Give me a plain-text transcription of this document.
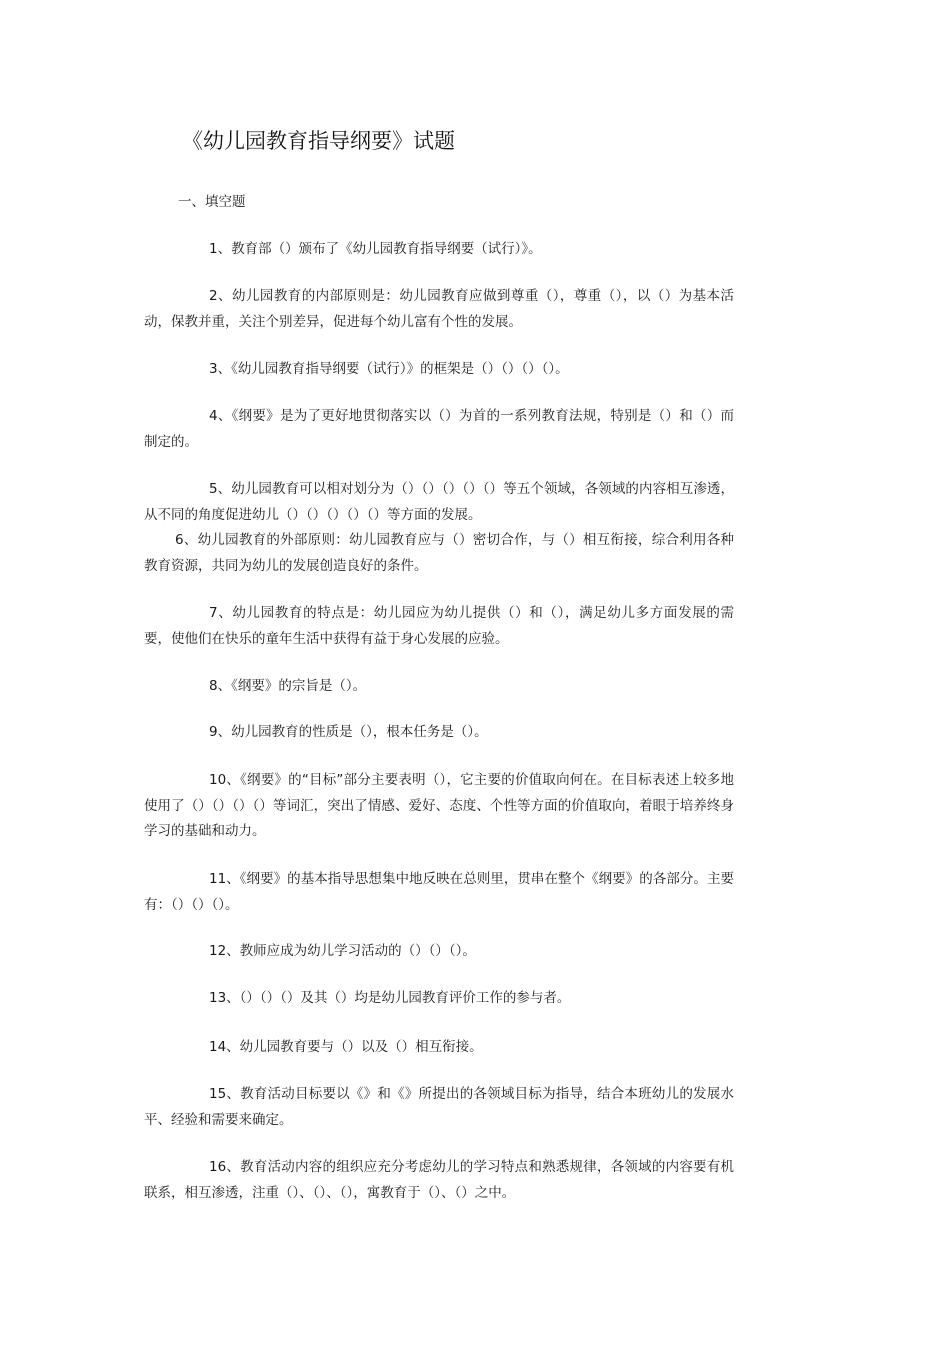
《幼儿园教育指导纲要》试题
一、填空题
1、教育部（）颁布了《幼儿园教育指导纲要（试行）》。
2、幼儿园教育的内部原则是：幼儿园教育应做到尊重（），尊重（），以（）为基本活动，保教并重，关注个别差异，促进每个幼儿富有个性的发展。
3、《幼儿园教育指导纲要（试行）》的框架是（）（）（）（）。
4、《纲要》是为了更好地贯彻落实以（）为首的一系列教育法规，特别是（）和（）而制定的。
5、幼儿园教育可以相对划分为（）（）（）（）（）等五个领域，各领域的内容相互渗透，从不同的角度促进幼儿（）（）（）（）（）等方面的发展。
6、幼儿园教育的外部原则：幼儿园教育应与（）密切合作，与（）相互衔接，综合利用各种教育资源，共同为幼儿的发展创造良好的条件。
7、幼儿园教育的特点是：幼儿园应为幼儿提供（）和（），满足幼儿多方面发展的需要，使他们在快乐的童年生活中获得有益于身心发展的应验。
8、《纲要》的宗旨是（）。
9、幼儿园教育的性质是（），根本任务是（）。
10、《纲要》的“目标”部分主要表明（），它主要的价值取向何在。在目标表述上较多地使用了（）（）（）（）等词汇，突出了情感、爱好、态度、个性等方面的价值取向，着眼于培养终身学习的基础和动力。
11、《纲要》的基本指导思想集中地反映在总则里，贯串在整个《纲要》的各部分。主要有：（）（）（）。
12、教师应成为幼儿学习活动的（）（）（）。
13、（）（）（）及其（）均是幼儿园教育评价工作的参与者。
14、幼儿园教育要与（）以及（）相互衔接。
15、教育活动目标要以《》和《》所提出的各领域目标为指导，结合本班幼儿的发展水平、经验和需要来确定。
16、教育活动内容的组织应充分考虑幼儿的学习特点和熟悉规律，各领域的内容要有机联系，相互渗透，注重（）、（）、（），寓教育于（）、（）之中。
